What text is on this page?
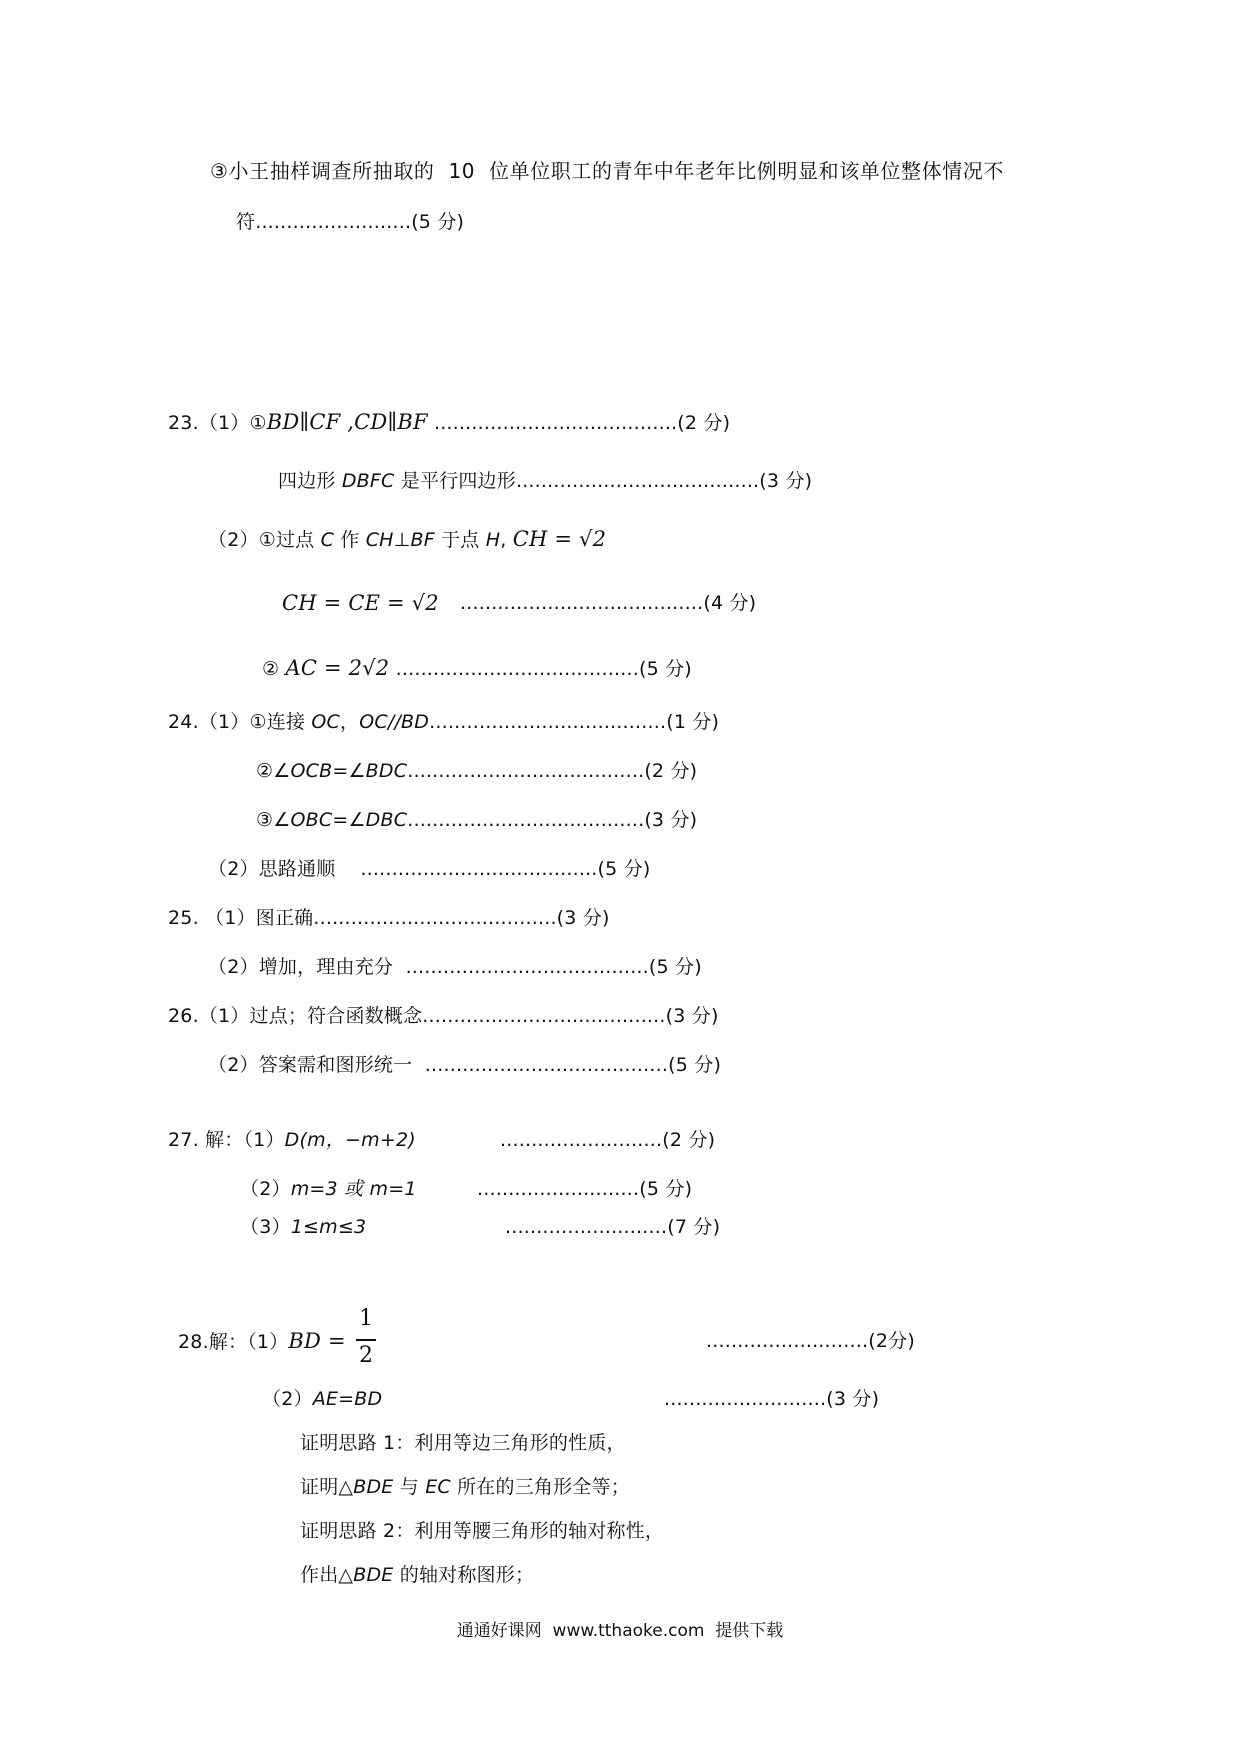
③小王抽样调查所抽取的  10  位单位职工的青年中年老年比例明显和该单位整体情况不
符.........................(5 分)
23.（1）①BD∥CF ,CD∥BF .......................................(2 分)
四边形 DBFC 是平行四边形.......................................(3 分)
（2）①过点 C 作 CH⊥BF 于点 H, CH = √2
CH = CE = √2 .......................................(4 分)
② AC = 2√2 .......................................(5 分)
24.（1）①连接 OC，OC//BD......................................(1 分)
②∠OCB=∠BDC......................................(2 分)
③∠OBC=∠DBC......................................(3 分)
（2）思路通顺    ......................................(5 分)
25. （1）图正确.......................................(3 分)
（2）增加，理由充分  .......................................(5 分)
26.（1）过点；符合函数概念.......................................(3 分)
（2）答案需和图形统一  .......................................(5 分)
27. 解：（1）D(m，−m+2)	..........................(2 分)
（2）m=3 或 m=1	..........................(5 分)
（3）1≤m≤3	..........................(7 分)
28.解：（1）BD =
1
2
..........................(2分)
（2）AE=BD	..........................(3 分)
证明思路 1：利用等边三角形的性质，
证明△BDE 与 EC 所在的三角形全等；
证明思路 2：利用等腰三角形的轴对称性，
作出△BDE 的轴对称图形；
通通好课网  www.tthaoke.com  提供下载
